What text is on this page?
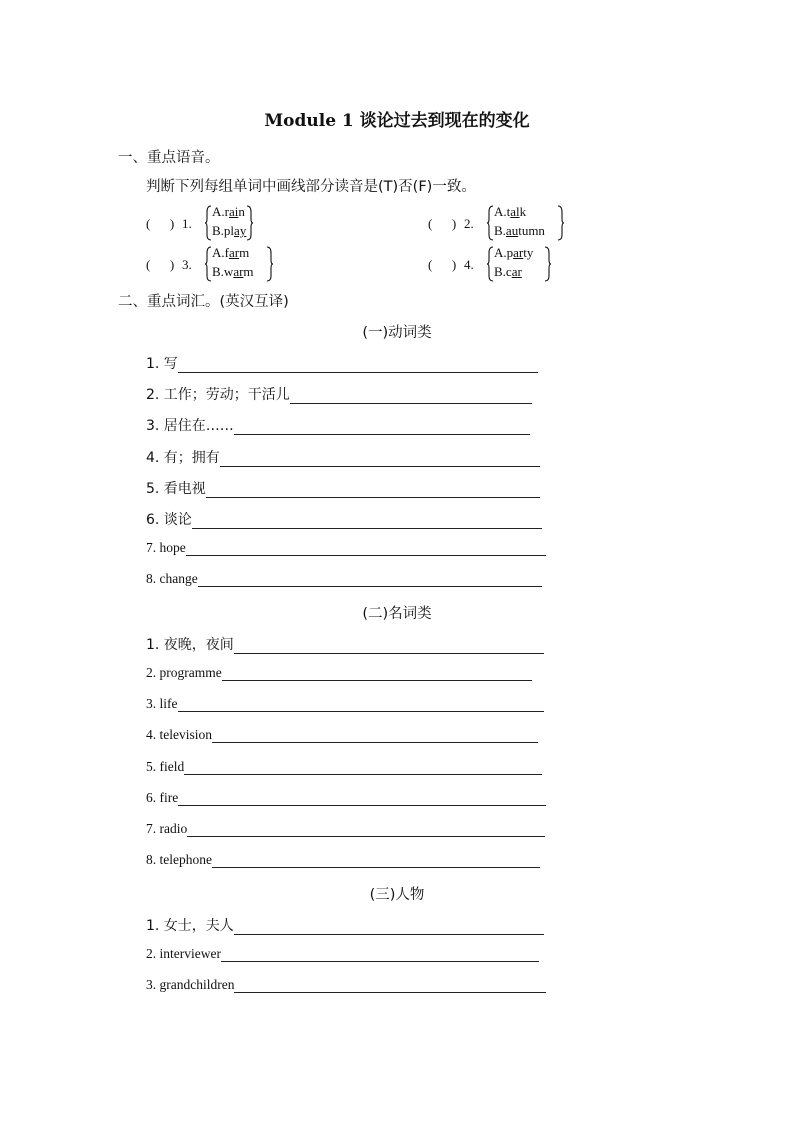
Module 1 谈论过去到现在的变化
一、重点语音。
判断下列每组单词中画线部分读音是(T)否(F)一致。
(      ) 1.
A.rain
B.play	(      ) 2.
A.talk
B.autumn
(      ) 3.
A.farm
B.warm	(      ) 4.
A.party
B.car
二、重点词汇。(英汉互译)
(一)动词类
1. 写
2. 工作；劳动；干活儿
3. 居住在……
4. 有；拥有
5. 看电视
6. 谈论
7. hope
8. change
(二)名词类
1. 夜晚，夜间
2. programme
3. life
4. television
5. field
6. fire
7. radio
8. telephone
(三)人物
1. 女士，夫人
2. interviewer
3. grandchildren
